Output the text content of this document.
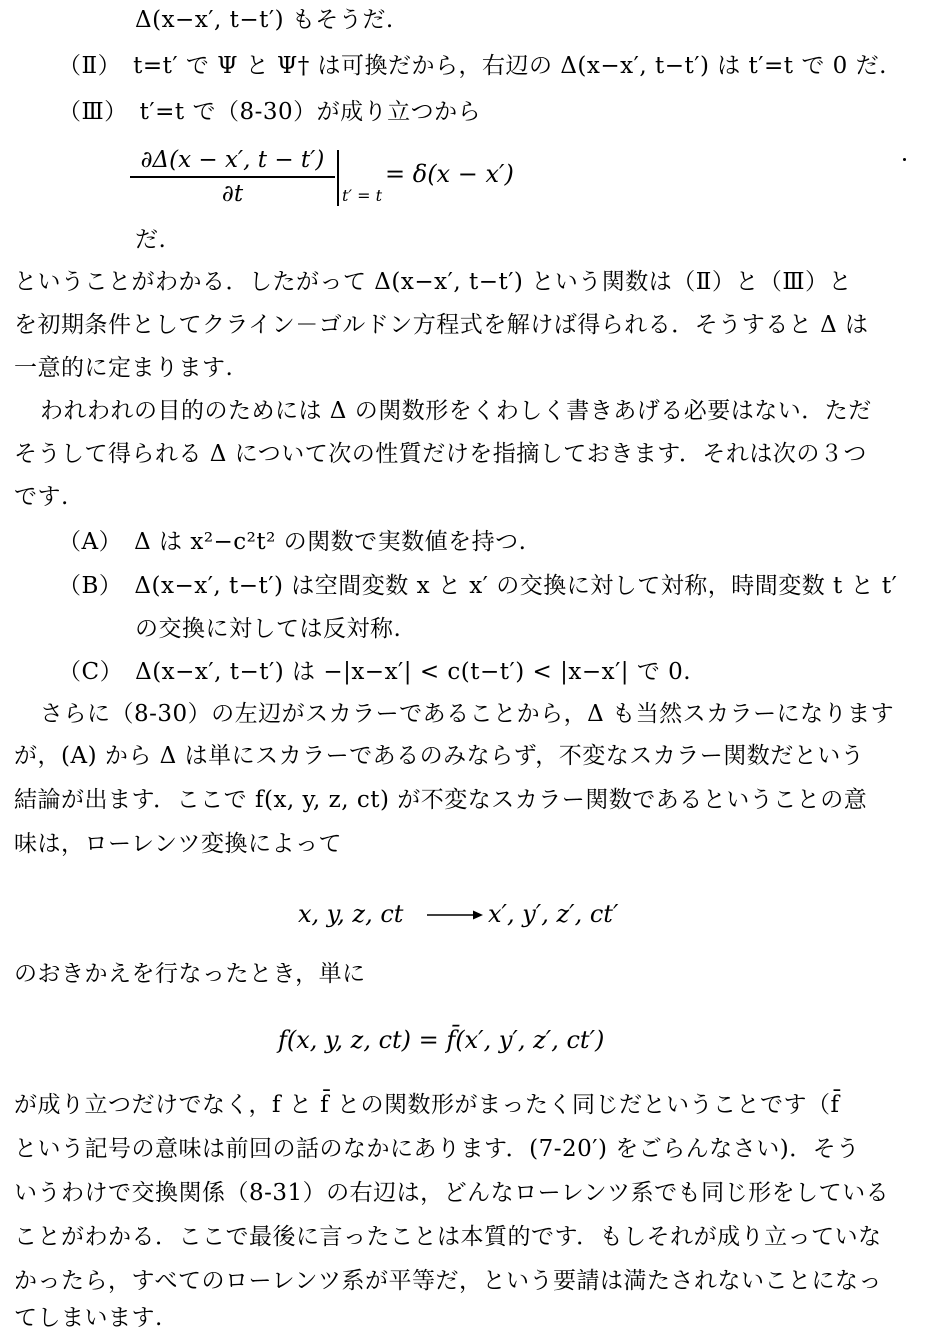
Δ(x−x′, t−t′) もそうだ.
（Ⅱ）　t=t′ で Ψ と Ψ† は可換だから，右辺の Δ(x−x′, t−t′) は t′=t で 0 だ.
（Ⅲ）　t′=t で（8-30）が成り立つから
∂Δ(x − x′, t − t′)
∂t	t′ = t
= δ(x − x′)
だ.
ということがわかる．したがって Δ(x−x′, t−t′) という関数は（Ⅱ）と（Ⅲ）と
を初期条件としてクライン－ゴルドン方程式を解けば得られる．そうすると Δ は
一意的に定まります.
われわれの目的のためには Δ の関数形をくわしく書きあげる必要はない．ただ
そうして得られる Δ について次の性質だけを指摘しておきます．それは次の３つ
です.
（A）　Δ は x²−c²t² の関数で実数値を持つ.
（B）　Δ(x−x′, t−t′) は空間変数 x と x′ の交換に対して対称，時間変数 t と t′
の交換に対しては反対称.
（C）　Δ(x−x′, t−t′) は −|x−x′| < c(t−t′) < |x−x′| で 0.
さらに（8-30）の左辺がスカラーであることから，Δ も当然スカラーになります
が，(A) から Δ は単にスカラーであるのみならず，不変なスカラー関数だという
結論が出ます．ここで f(x, y, z, ct) が不変なスカラー関数であるということの意
味は，ローレンツ変換によって
x, y, z, ct	x′, y′, z′, ct′
のおきかえを行なったとき，単に
f(x, y, z, ct) = f̄(x′, y′, z′, ct′)
が成り立つだけでなく，f と f̄ との関数形がまったく同じだということです（f̄
という記号の意味は前回の話のなかにあります．(7-20′) をごらんなさい)．そう
いうわけで交換関係（8-31）の右辺は，どんなローレンツ系でも同じ形をしている
ことがわかる．ここで最後に言ったことは本質的です．もしそれが成り立っていな
かったら，すべてのローレンツ系が平等だ，という要請は満たされないことになっ
てしまいます.
